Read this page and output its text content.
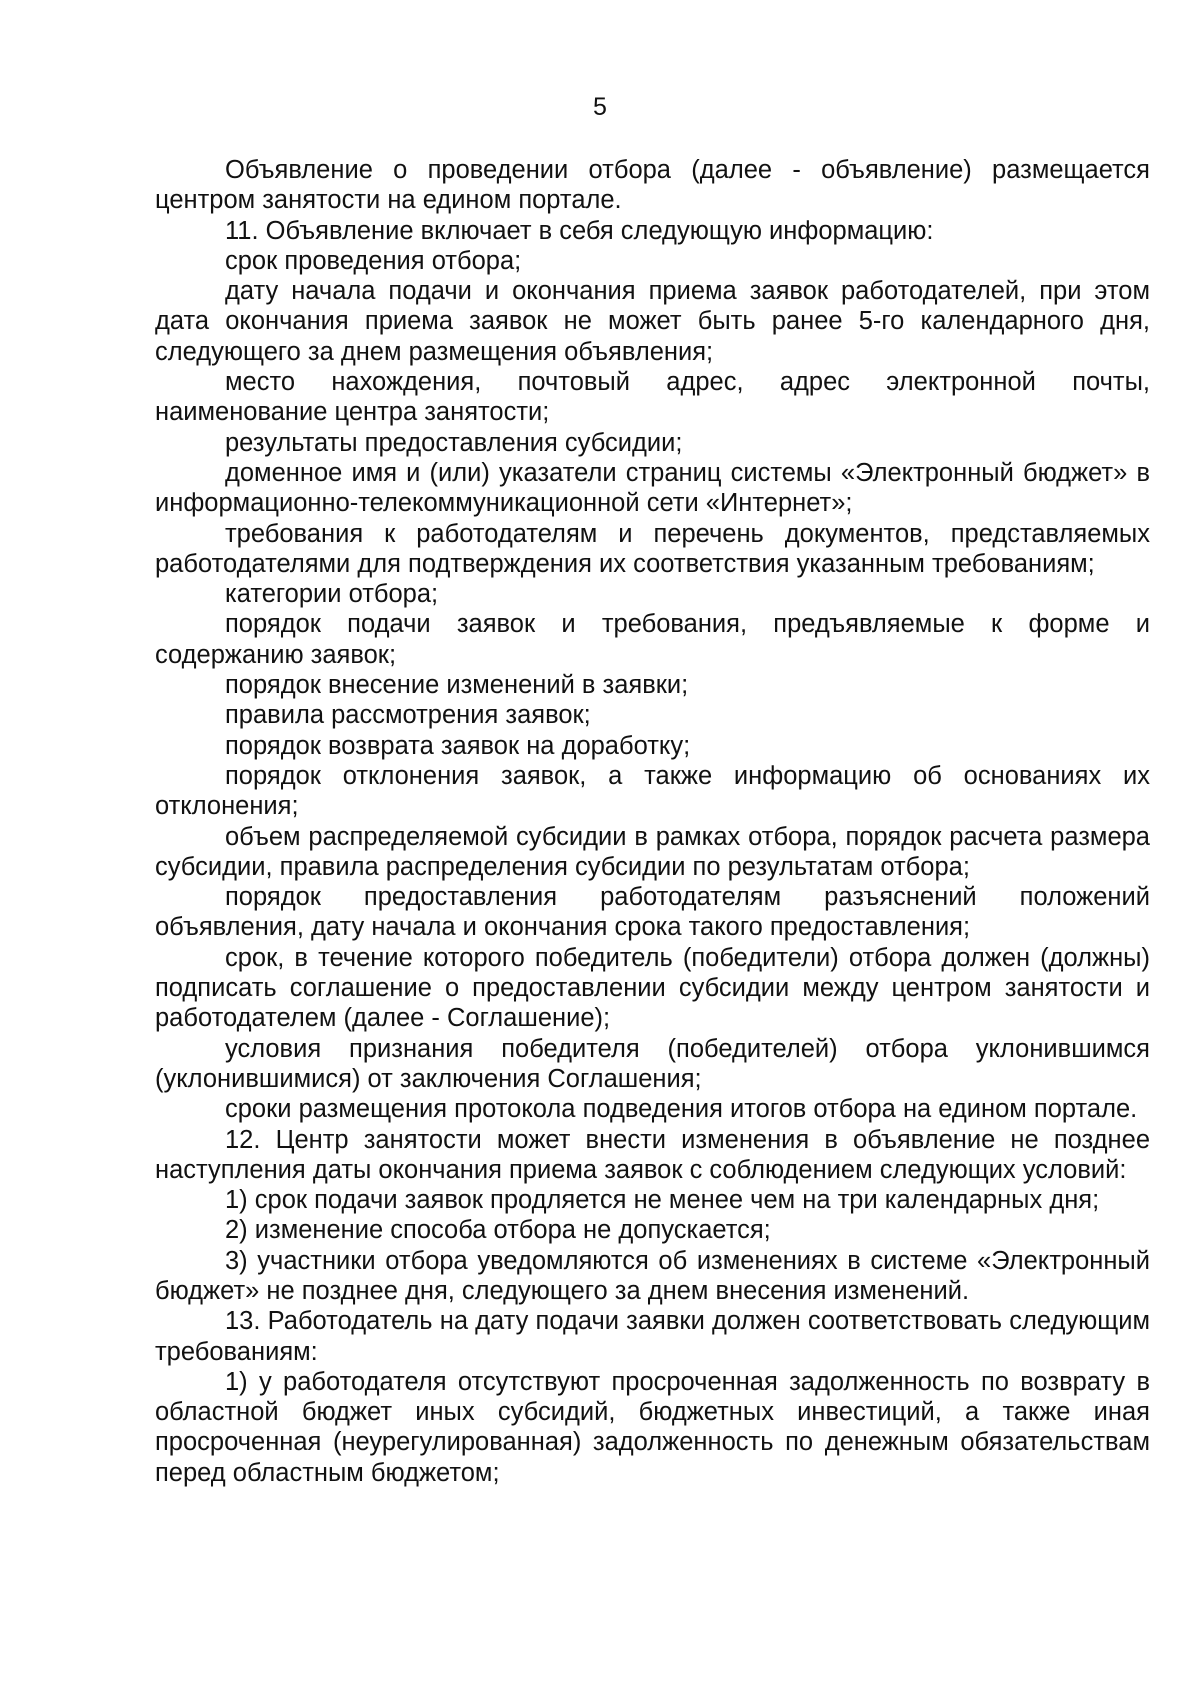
5

Объявление о проведении отбора (далее - объявление) размещается центром занятости на едином портале.

11. Объявление включает в себя следующую информацию:

срок проведения отбора;

дату начала подачи и окончания приема заявок работодателей, при этом дата окончания приема заявок не может быть ранее 5-го календарного дня, следующего за днем размещения объявления;

место нахождения, почтовый адрес, адрес электронной почты, наименование центра занятости;

результаты предоставления субсидии;

доменное имя и (или) указатели страниц системы «Электронный бюджет» в информационно-телекоммуникационной сети «Интернет»;

требования к работодателям и перечень документов, представляемых работодателями для подтверждения их соответствия указанным требованиям;

категории отбора;

порядок подачи заявок и требования, предъявляемые к форме и содержанию заявок;

порядок внесение изменений в заявки;

правила рассмотрения заявок;

порядок возврата заявок на доработку;

порядок отклонения заявок, а также информацию об основаниях их отклонения;

объем распределяемой субсидии в рамках отбора, порядок расчета размера субсидии, правила распределения субсидии по результатам отбора;

порядок предоставления работодателям разъяснений положений объявления, дату начала и окончания срока такого предоставления;

срок, в течение которого победитель (победители) отбора должен (должны) подписать соглашение о предоставлении субсидии между центром занятости и работодателем (далее - Соглашение);

условия признания победителя (победителей) отбора уклонившимся (уклонившимися) от заключения Соглашения;

сроки размещения протокола подведения итогов отбора на едином портале.

12. Центр занятости может внести изменения в объявление не позднее наступления даты окончания приема заявок с соблюдением следующих условий:

1) срок подачи заявок продляется не менее чем на три календарных дня;

2) изменение способа отбора не допускается;

3) участники отбора уведомляются об изменениях в системе «Электронный бюджет» не позднее дня, следующего за днем внесения изменений.

13. Работодатель на дату подачи заявки должен соответствовать следующим требованиям:

1) у работодателя отсутствуют просроченная задолженность по возврату в областной бюджет иных субсидий, бюджетных инвестиций, а также иная просроченная (неурегулированная) задолженность по денежным обязательствам перед областным бюджетом;
